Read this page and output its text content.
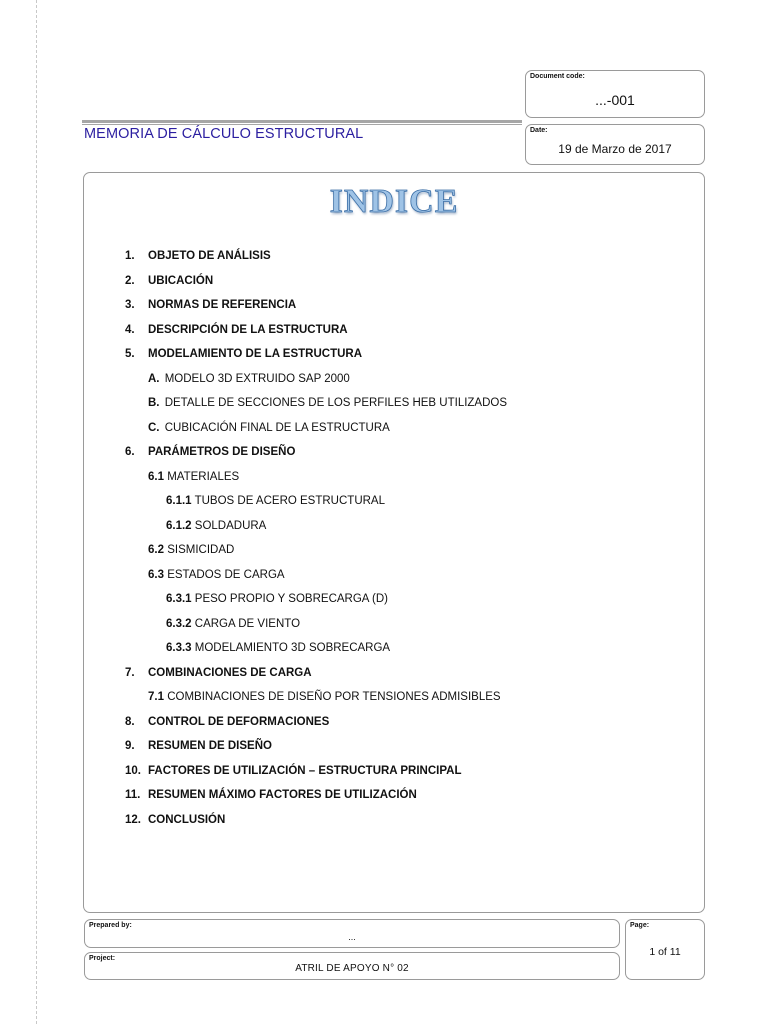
Document code:
...-001
MEMORIA DE CÁLCULO ESTRUCTURAL	Date:
19 de Marzo de 2017
INDICE
1. OBJETO DE ANÁLISIS
2. UBICACIÓN
3. NORMAS DE REFERENCIA
4. DESCRIPCIÓN DE LA ESTRUCTURA
5. MODELAMIENTO DE LA ESTRUCTURA
A. MODELO 3D EXTRUIDO SAP 2000
B. DETALLE DE SECCIONES DE LOS PERFILES HEB UTILIZADOS
C. CUBICACIÓN FINAL DE LA ESTRUCTURA
6. PARÁMETROS DE DISEÑO
6.1 MATERIALES
6.1.1 TUBOS DE ACERO ESTRUCTURAL
6.1.2 SOLDADURA
6.2 SISMICIDAD
6.3 ESTADOS DE CARGA
6.3.1 PESO PROPIO Y SOBRECARGA (D)
6.3.2 CARGA DE VIENTO
6.3.3 MODELAMIENTO 3D SOBRECARGA
7. COMBINACIONES DE CARGA
7.1 COMBINACIONES DE DISEÑO POR TENSIONES ADMISIBLES
8. CONTROL DE DEFORMACIONES
9. RESUMEN DE DISEÑO
10. FACTORES DE UTILIZACIÓN – ESTRUCTURA PRINCIPAL
11. RESUMEN MÁXIMO FACTORES DE UTILIZACIÓN
12. CONCLUSIÓN
Prepared by:
...
Project:
ATRIL DE APOYO N° 02
Page:
1 of 11
